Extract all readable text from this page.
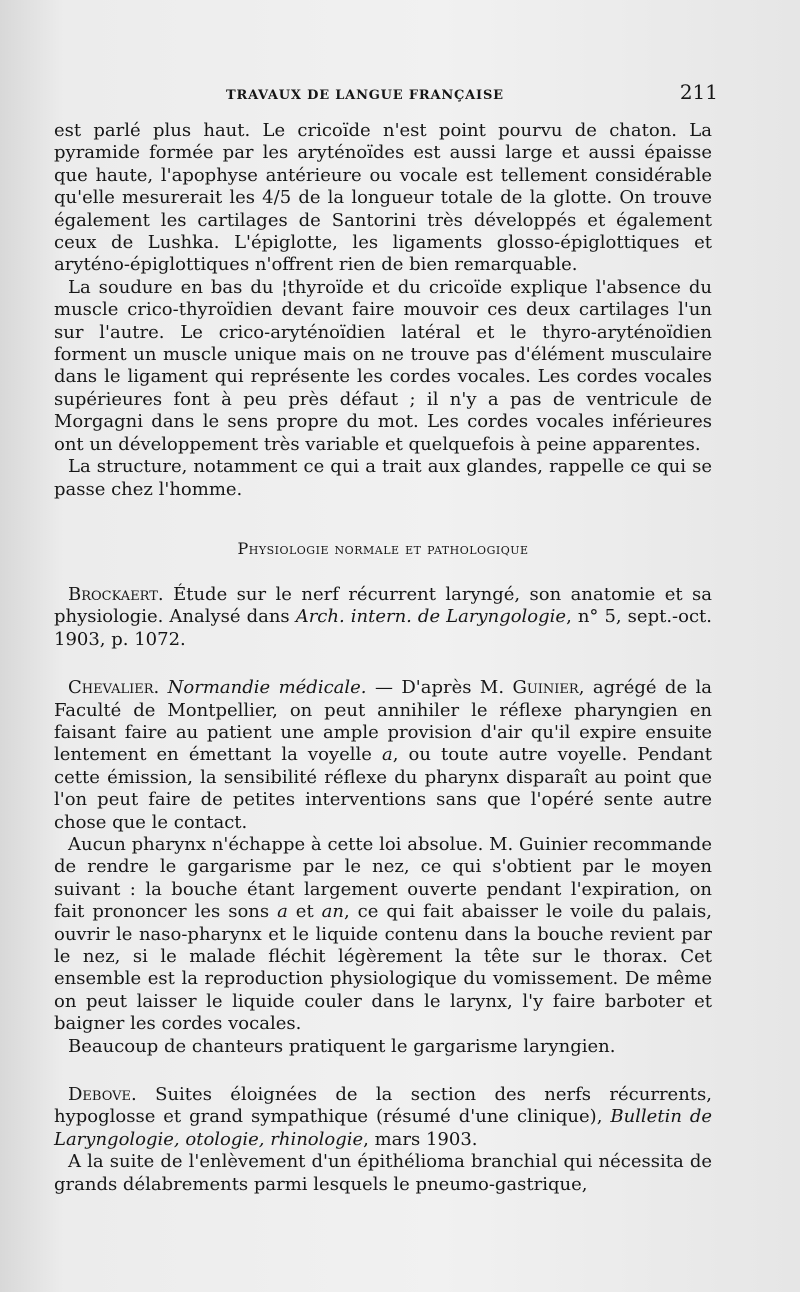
TRAVAUX DE LANGUE FRANÇAISE	211

est parlé plus haut. Le cricoïde n'est point pourvu de chaton. La pyramide formée par les aryténoïdes est aussi large et aussi épaisse que haute, l'apophyse antérieure ou vocale est tellement considérable qu'elle mesurerait les 4/5 de la longueur totale de la glotte. On trouve également les cartilages de Santorini très développés et également ceux de Lushka. L'épiglotte, les ligaments glosso-épiglottiques et aryténo-épiglottiques n'offrent rien de bien remarquable.

La soudure en bas du ¦thyroïde et du cricoïde explique l'absence du muscle crico-thyroïdien devant faire mouvoir ces deux cartilages l'un sur l'autre. Le crico-aryténoïdien latéral et le thyro-aryténoïdien forment un muscle unique mais on ne trouve pas d'élément musculaire dans le ligament qui représente les cordes vocales. Les cordes vocales supérieures font à peu près défaut ; il n'y a pas de ventricule de Morgagni dans le sens propre du mot. Les cordes vocales inférieures ont un développement très variable et quelquefois à peine apparentes.

La structure, notamment ce qui a trait aux glandes, rappelle ce qui se passe chez l'homme.

Physiologie normale et pathologique

Brockaert. Étude sur le nerf récurrent laryngé, son anatomie et sa physiologie. Analysé dans Arch. intern. de Laryngologie, n° 5, sept.-oct. 1903, p. 1072.

Chevalier. Normandie médicale. — D'après M. Guinier, agrégé de la Faculté de Montpellier, on peut annihiler le réflexe pharyngien en faisant faire au patient une ample provision d'air qu'il expire ensuite lentement en émettant la voyelle a, ou toute autre voyelle. Pendant cette émission, la sensibilité réflexe du pharynx disparaît au point que l'on peut faire de petites interventions sans que l'opéré sente autre chose que le contact.

Aucun pharynx n'échappe à cette loi absolue. M. Guinier recommande de rendre le gargarisme par le nez, ce qui s'obtient par le moyen suivant : la bouche étant largement ouverte pendant l'expiration, on fait prononcer les sons a et an, ce qui fait abaisser le voile du palais, ouvrir le naso-pharynx et le liquide contenu dans la bouche revient par le nez, si le malade fléchit légèrement la tête sur le thorax. Cet ensemble est la reproduction physiologique du vomissement. De même on peut laisser le liquide couler dans le larynx, l'y faire barboter et baigner les cordes vocales.

Beaucoup de chanteurs pratiquent le gargarisme laryngien.

Debove. Suites éloignées de la section des nerfs récurrents, hypoglosse et grand sympathique (résumé d'une clinique), Bulletin de Laryngologie, otologie, rhinologie, mars 1903.

A la suite de l'enlèvement d'un épithélioma branchial qui nécessita de grands délabrements parmi lesquels le pneumo-gastrique,
